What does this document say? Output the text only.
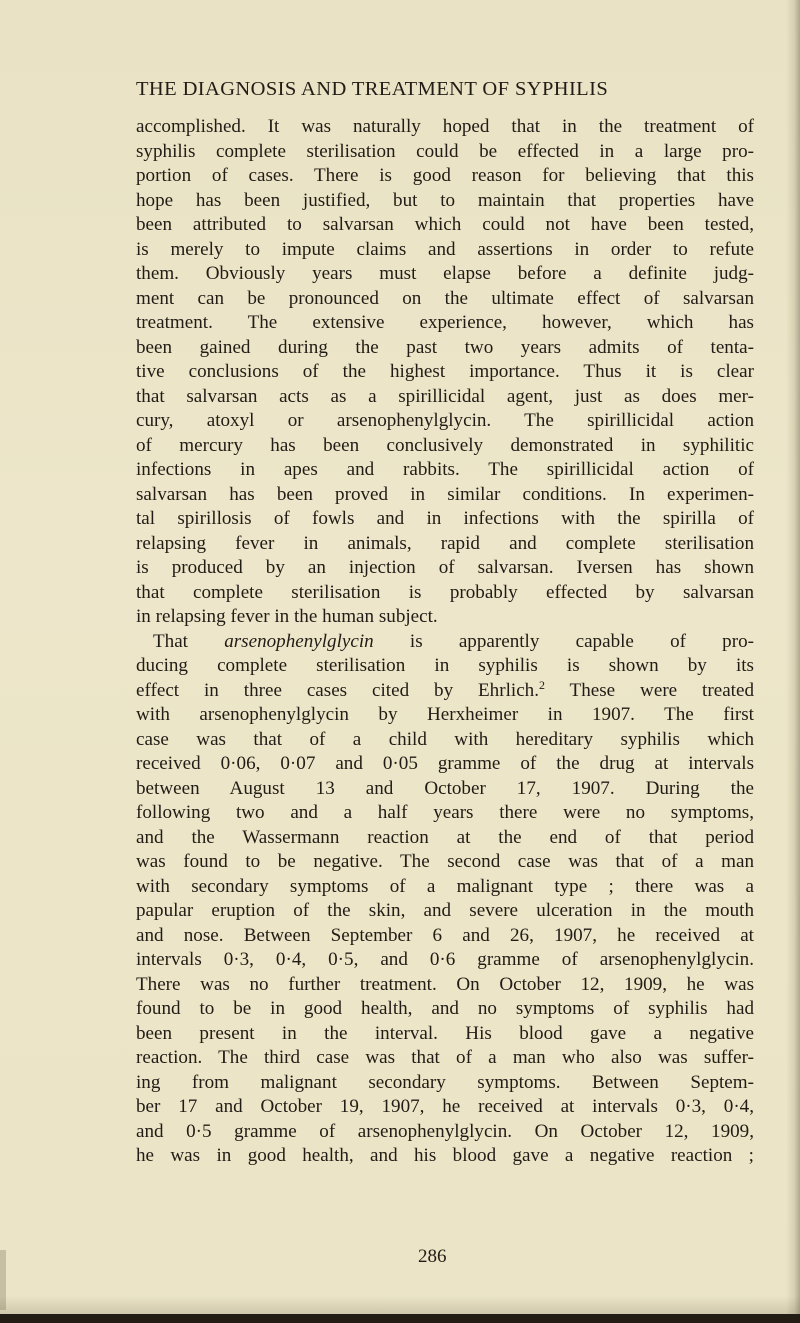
THE DIAGNOSIS AND TREATMENT OF SYPHILIS
accomplished. It was naturally hoped that in the treatment of
syphilis complete sterilisation could be effected in a large pro-
portion of cases. There is good reason for believing that this
hope has been justified, but to maintain that properties have
been attributed to salvarsan which could not have been tested,
is merely to impute claims and assertions in order to refute
them. Obviously years must elapse before a definite judg-
ment can be pronounced on the ultimate effect of salvarsan
treatment. The extensive experience, however, which has
been gained during the past two years admits of tenta-
tive conclusions of the highest importance. Thus it is clear
that salvarsan acts as a spirillicidal agent, just as does mer-
cury, atoxyl or arsenophenylglycin. The spirillicidal action
of mercury has been conclusively demonstrated in syphilitic
infections in apes and rabbits. The spirillicidal action of
salvarsan has been proved in similar conditions. In experimen-
tal spirillosis of fowls and in infections with the spirilla of
relapsing fever in animals, rapid and complete sterilisation
is produced by an injection of salvarsan. Iversen has shown
that complete sterilisation is probably effected by salvarsan
in relapsing fever in the human subject.
That arsenophenylglycin is apparently capable of pro-
ducing complete sterilisation in syphilis is shown by its
effect in three cases cited by Ehrlich.$^2$ These were treated
with arsenophenylglycin by Herxheimer in 1907. The first
case was that of a child with hereditary syphilis which
received 0·06, 0·07 and 0·05 gramme of the drug at intervals
between August 13 and October 17, 1907. During the
following two and a half years there were no symptoms,
and the Wassermann reaction at the end of that period
was found to be negative. The second case was that of a man
with secondary symptoms of a malignant type ; there was a
papular eruption of the skin, and severe ulceration in the mouth
and nose. Between September 6 and 26, 1907, he received at
intervals 0·3, 0·4, 0·5, and 0·6 gramme of arsenophenylglycin.
There was no further treatment. On October 12, 1909, he was
found to be in good health, and no symptoms of syphilis had
been present in the interval. His blood gave a negative
reaction. The third case was that of a man who also was suffer-
ing from malignant secondary symptoms. Between Septem-
ber 17 and October 19, 1907, he received at intervals 0·3, 0·4,
and 0·5 gramme of arsenophenylglycin. On October 12, 1909,
he was in good health, and his blood gave a negative reaction ;
286
